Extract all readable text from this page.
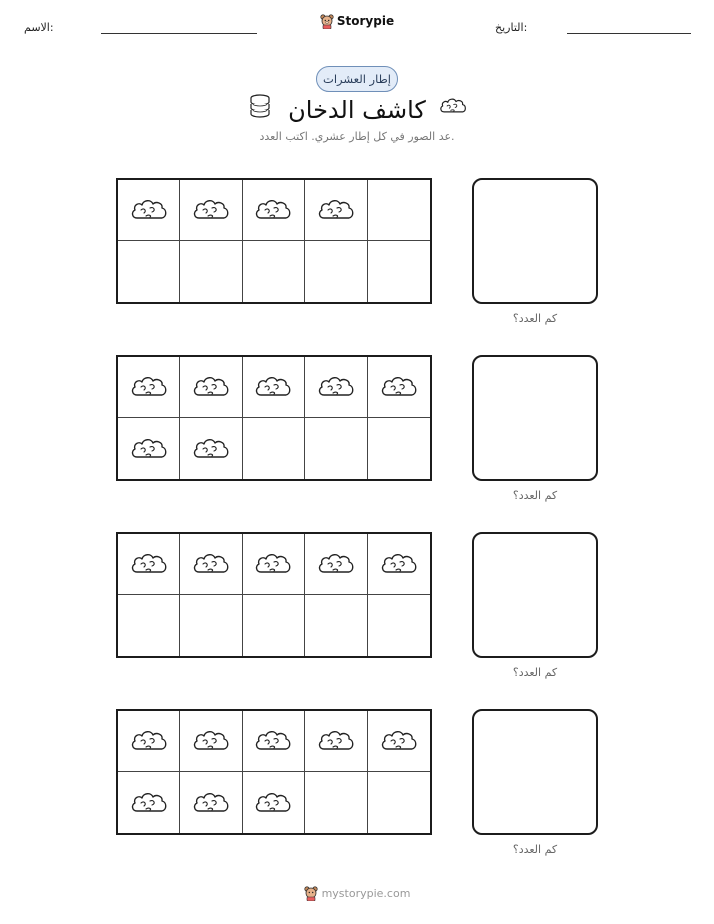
الاسم:	التاريخ:
Storypie
إطار العشرات
كاشف الدخان
عد الصور في كل إطار عشري. اكتب العدد.
كم العدد؟
كم العدد؟
كم العدد؟
كم العدد؟
mystorypie.com
